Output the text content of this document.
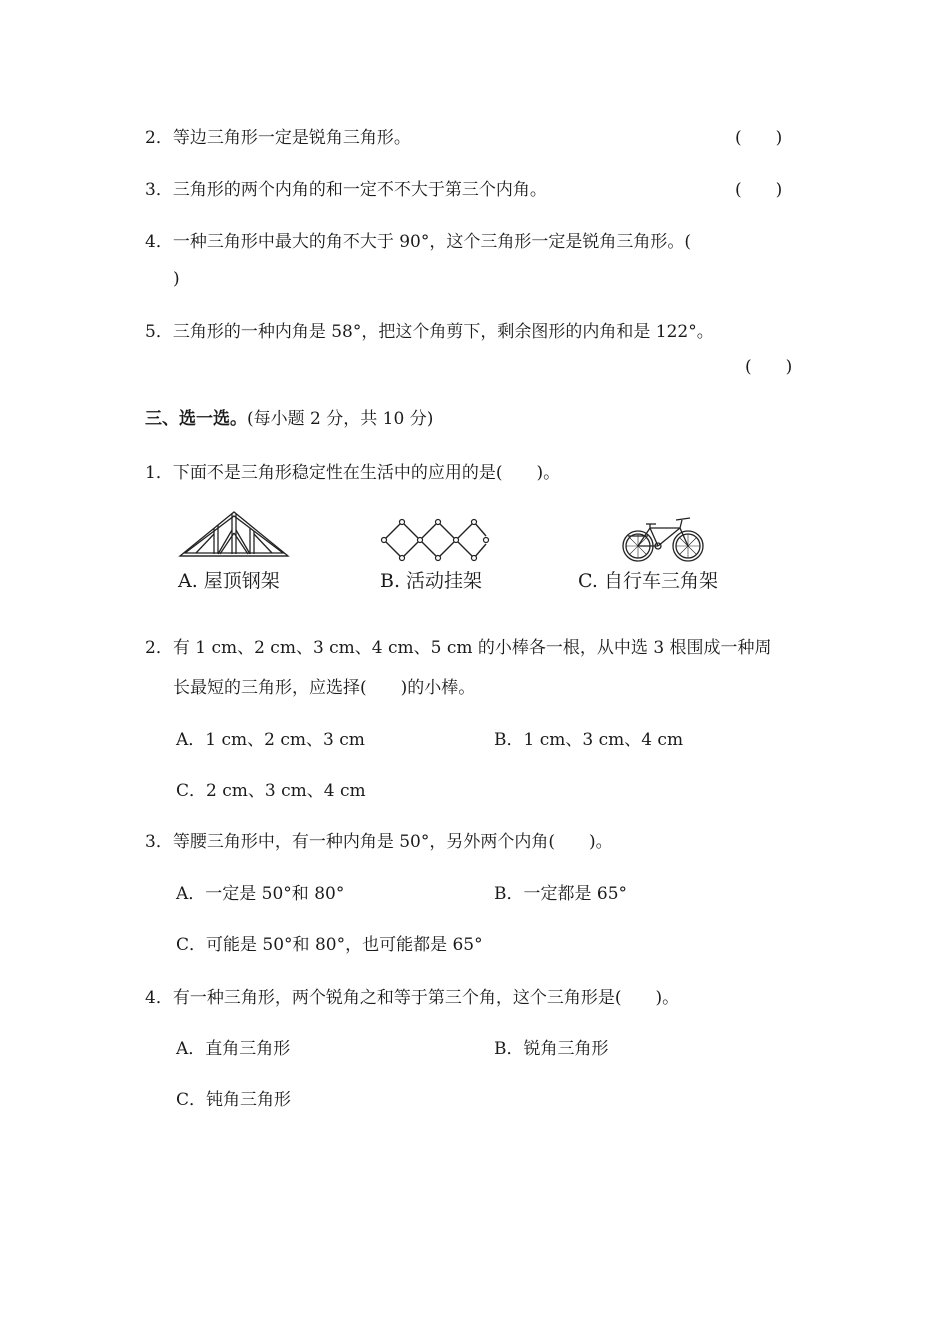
2．等边三角形一定是锐角三角形。	(　　)
3．三角形的两个内角的和一定不不大于第三个内角。	(　　)
4．一种三角形中最大的角不大于 90°，这个三角形一定是锐角三角形。(
)
5．三角形的一种内角是 58°，把这个角剪下，剩余图形的内角和是 122°。
(　　)
三、选一选。(每小题 2 分，共 10 分)
1．下面不是三角形稳定性在生活中的应用的是(　　)。
A. 屋顶钢架	B. 活动挂架	C. 自行车三角架
2．有 1 cm、2 cm、3 cm、4 cm、5 cm 的小棒各一根，从中选 3 根围成一种周
长最短的三角形，应选择(　　)的小棒。
A．1 cm、2 cm、3 cm	B．1 cm、3 cm、4 cm
C．2 cm、3 cm、4 cm
3．等腰三角形中，有一种内角是 50°，另外两个内角(　　)。
A．一定是 50°和 80°	B．一定都是 65°
C．可能是 50°和 80°，也可能都是 65°
4．有一种三角形，两个锐角之和等于第三个角，这个三角形是(　　)。
A．直角三角形	B．锐角三角形
C．钝角三角形
